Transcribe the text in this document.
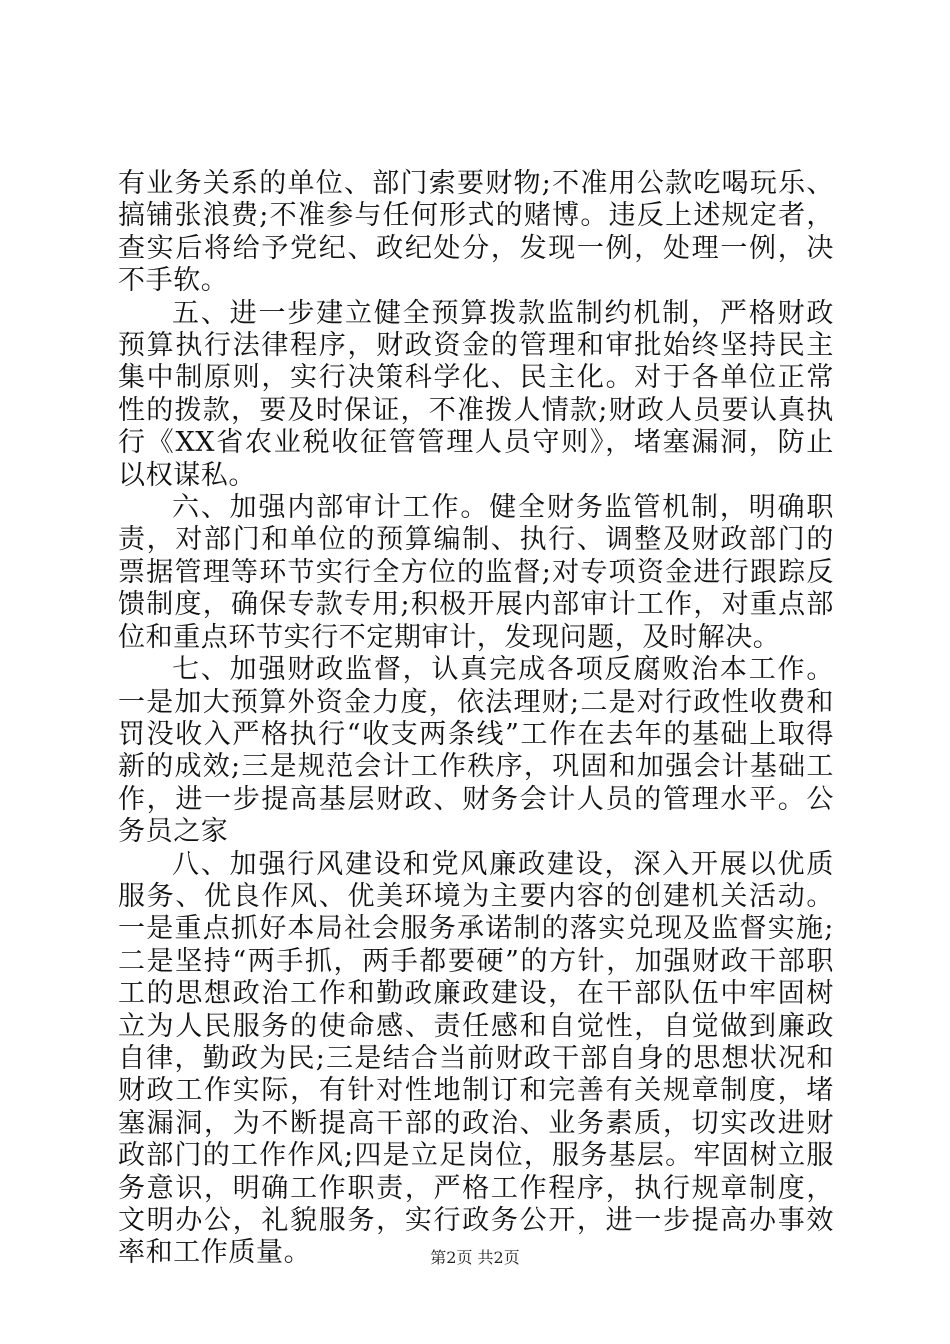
有业务关系的单位、部门索要财物;不准用公款吃喝玩乐、搞铺张浪费;不准参与任何形式的赌博。违反上述规定者，查实后将给予党纪、政纪处分，发现一例，处理一例，决不手软。

五、进一步建立健全预算拨款监制约机制，严格财政预算执行法律程序，财政资金的管理和审批始终坚持民主集中制原则，实行决策科学化、民主化。对于各单位正常性的拨款，要及时保证，不准拨人情款;财政人员要认真执行《XX省农业税收征管管理人员守则》，堵塞漏洞，防止以权谋私。

六、加强内部审计工作。健全财务监管机制，明确职责，对部门和单位的预算编制、执行、调整及财政部门的票据管理等环节实行全方位的监督;对专项资金进行跟踪反馈制度，确保专款专用;积极开展内部审计工作，对重点部位和重点环节实行不定期审计，发现问题，及时解决。

七、加强财政监督，认真完成各项反腐败治本工作。一是加大预算外资金力度，依法理财;二是对行政性收费和罚没收入严格执行“收支两条线”工作在去年的基础上取得新的成效;三是规范会计工作秩序，巩固和加强会计基础工作，进一步提高基层财政、财务会计人员的管理水平。公务员之家

八、加强行风建设和党风廉政建设，深入开展以优质服务、优良作风、优美环境为主要内容的创建机关活动。一是重点抓好本局社会服务承诺制的落实兑现及监督实施;二是坚持“两手抓，两手都要硬”的方针，加强财政干部职工的思想政治工作和勤政廉政建设，在干部队伍中牢固树立为人民服务的使命感、责任感和自觉性，自觉做到廉政自律，勤政为民;三是结合当前财政干部自身的思想状况和财政工作实际，有针对性地制订和完善有关规章制度，堵塞漏洞，为不断提高干部的政治、业务素质，切实改进财政部门的工作作风;四是立足岗位，服务基层。牢固树立服务意识，明确工作职责，严格工作程序，执行规章制度，文明办公，礼貌服务，实行政务公开，进一步提高办事效率和工作质量。	第2页 共2页
